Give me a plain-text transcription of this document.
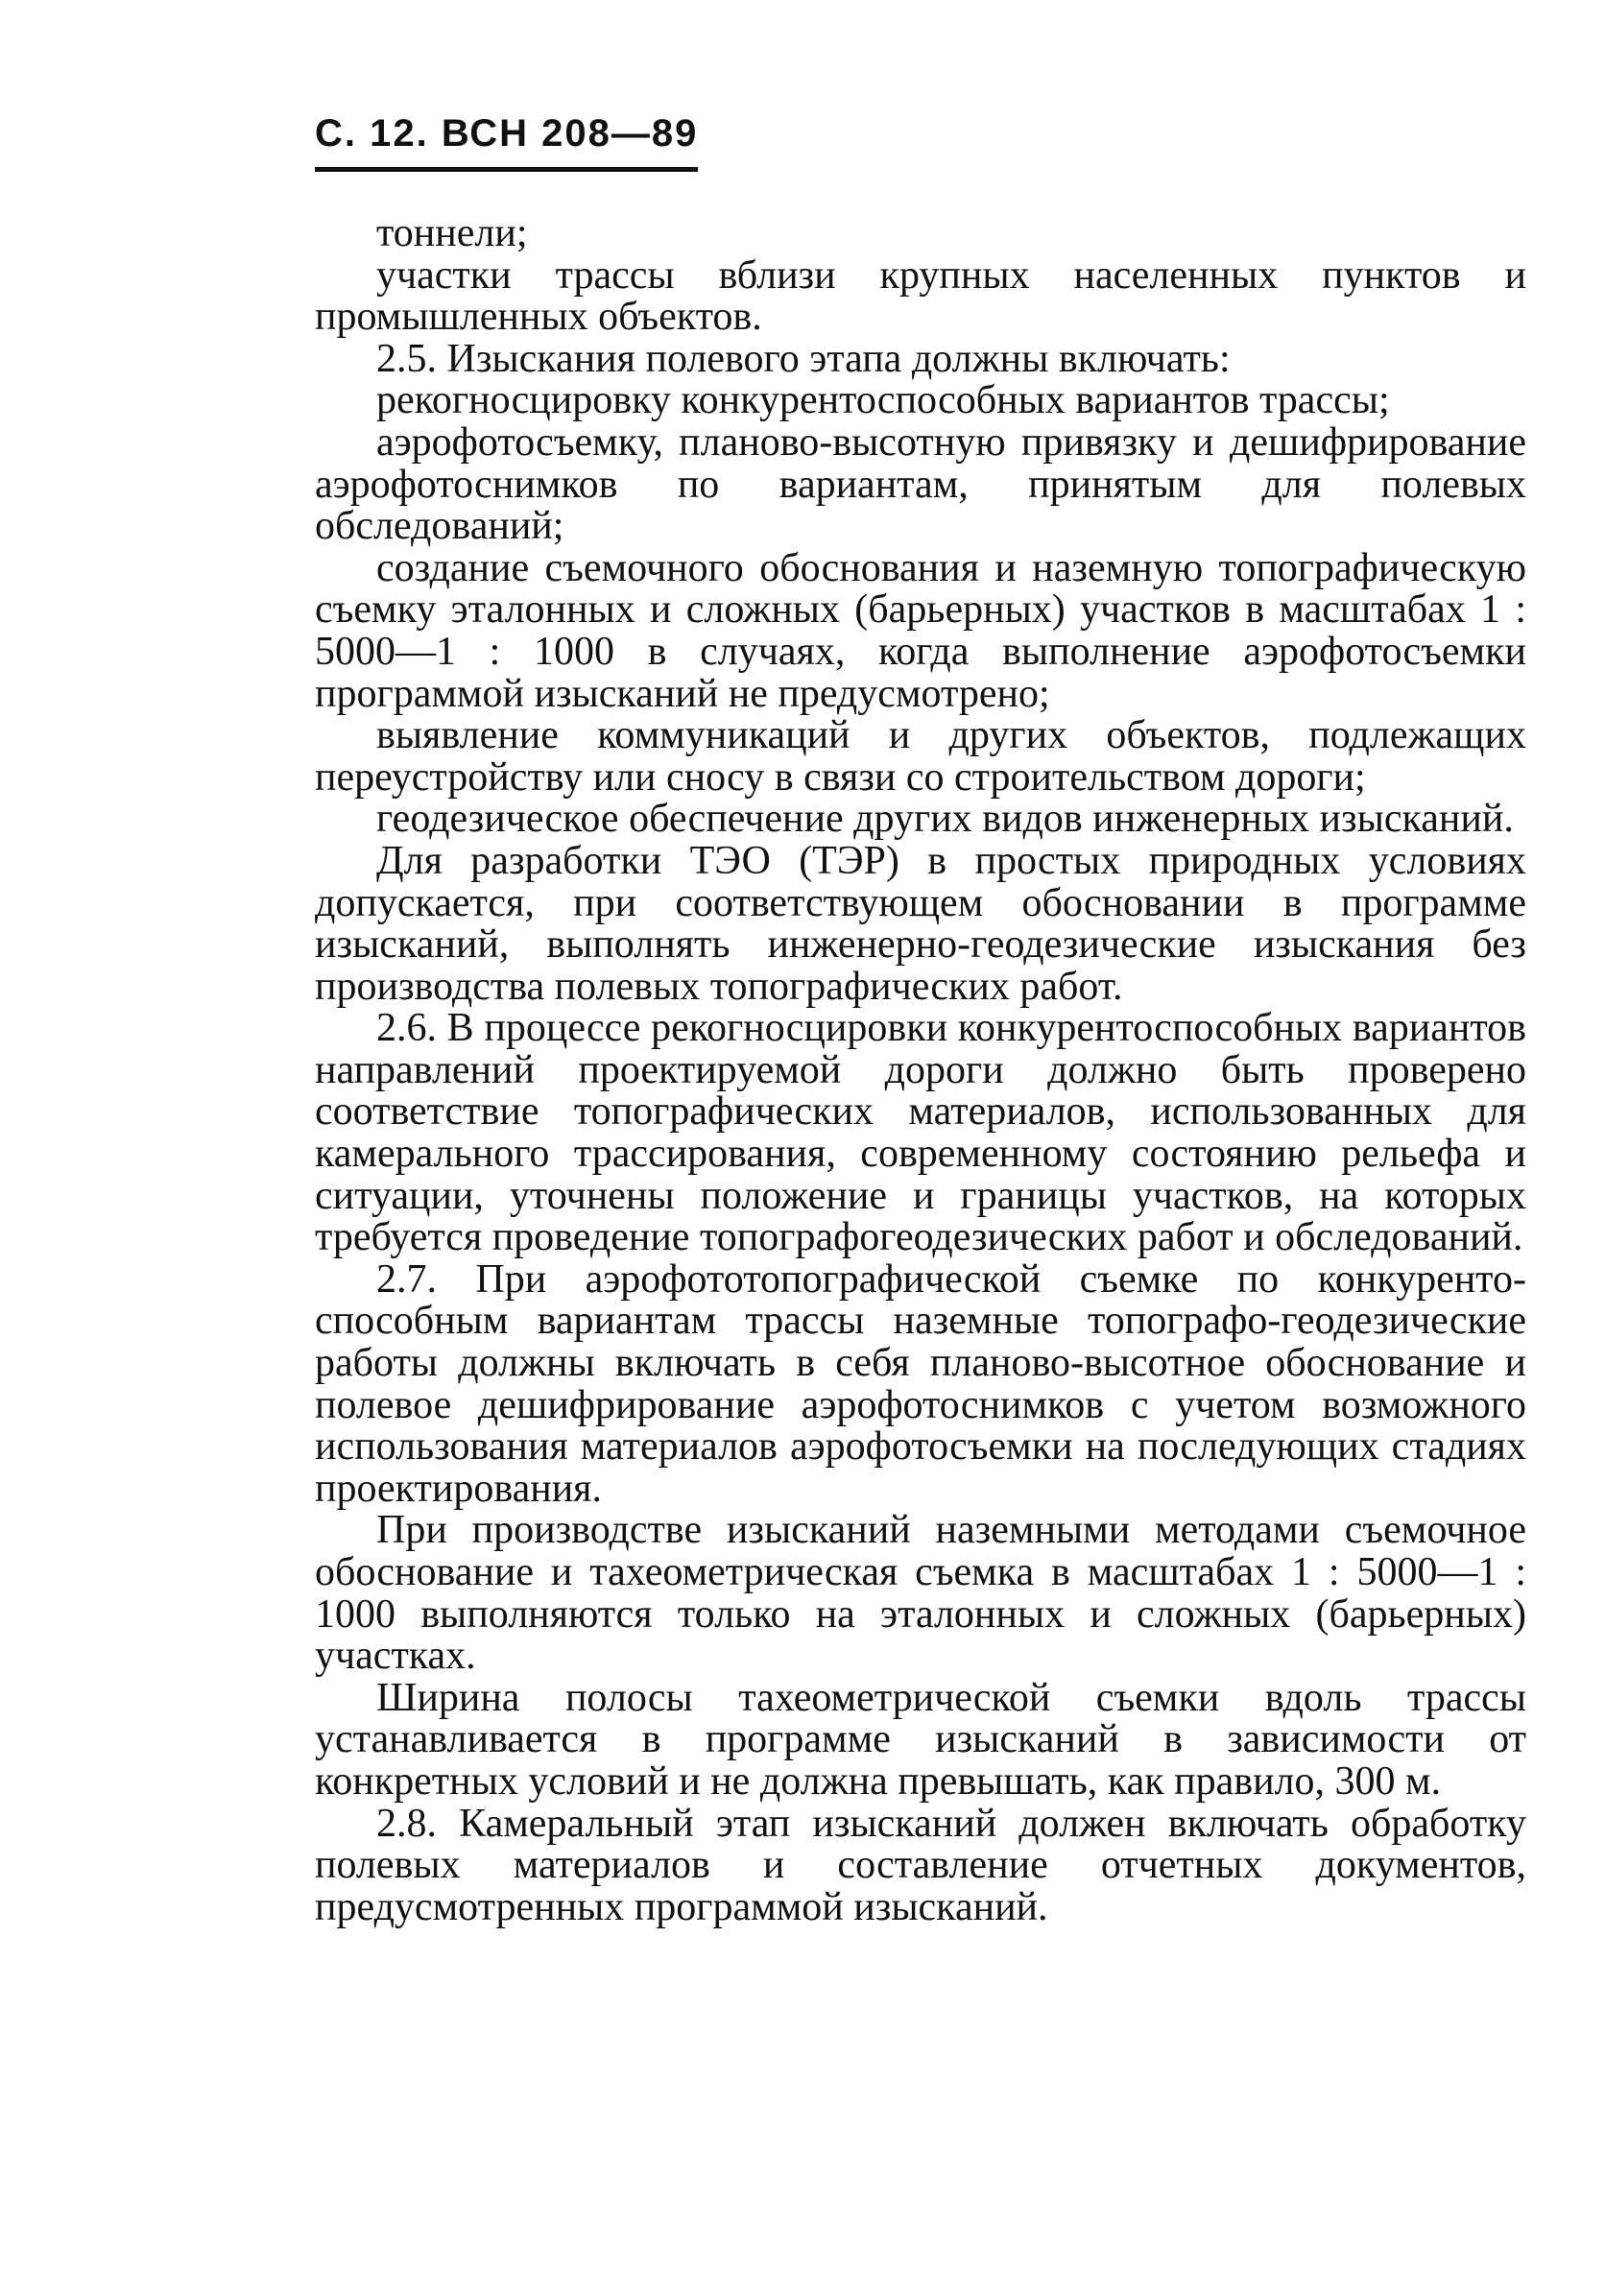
С. 12. ВСН 208—89

тоннели;

участки трассы вблизи крупных населенных пунктов и промышленных объектов.

2.5. Изыскания полевого этапа должны включать:

рекогносцировку конкурентоспособных вариантов трассы;

аэрофотосъемку, планово-высотную привязку и дешифрирование аэрофотоснимков по вариантам, принятым для полевых обследований;

создание съемочного обоснования и наземную топографическую съемку эталонных и сложных (барьерных) участков в масштабах 1 : 5000—1 : 1000 в случаях, когда выполнение аэрофотосъемки программой изысканий не предусмотрено;

выявление коммуникаций и других объектов, подлежащих переустройству или сносу в связи со строительством дороги;

геодезическое обеспечение других видов инженерных изысканий.

Для разработки ТЭО (ТЭР) в простых природных условиях допускается, при соответствующем обосновании в программе изысканий, выполнять инженерно-геодезические изыскания без производства полевых топографических работ.

2.6. В процессе рекогносцировки конкурентоспособных вариантов направлений проектируемой дороги должно быть проверено соответствие топографических материалов, использованных для камерального трассирования, современному состоянию рельефа и ситуации, уточнены положение и границы участков, на которых требуется проведение топографогеодезических работ и обследований.

2.7. При аэрофототопографической съемке по конкурентоспособным вариантам трассы наземные топографо-геодезические работы должны включать в себя планово-высотное обоснование и полевое дешифрирование аэрофотоснимков с учетом возможного использования материалов аэрофотосъемки на последующих стадиях проектирования.

При производстве изысканий наземными методами съемочное обоснование и тахеометрическая съемка в масштабах 1 : 5000—1 : 1000 выполняются только на эталонных и сложных (барьерных) участках.

Ширина полосы тахеометрической съемки вдоль трассы устанавливается в программе изысканий в зависимости от конкретных условий и не должна превышать, как правило, 300 м.

2.8. Камеральный этап изысканий должен включать обработку полевых материалов и составление отчетных документов, предусмотренных программой изысканий.
